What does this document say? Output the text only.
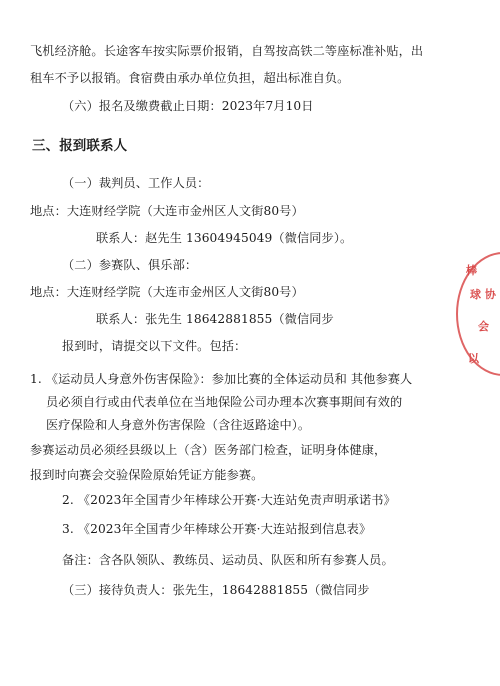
飞机经济舱。长途客车按实际票价报销，自驾按高铁二等座标准补贴，出
租车不予以报销。食宿费由承办单位负担，超出标准自负。
（六）报名及缴费截止日期：2023年7月10日
三、报到联系人
（一）裁判员、工作人员：
地点：大连财经学院（大连市金州区人文街80号）
联系人：赵先生 13604945049（微信同步）。
（二）参赛队、俱乐部：
地点：大连财经学院（大连市金州区人文街80号）
联系人：张先生 18642881855（微信同步
报到时，请提交以下文件。包括：
1. 《运动员人身意外伤害保险》：参加比赛的全体运动员和 其他参赛人
员必须自行或由代表单位在当地保险公司办理本次赛事期间有效的
医疗保险和人身意外伤害保险（含往返路途中）。
参赛运动员必须经县级以上（含）医务部门检查，证明身体健康，
报到时向赛会交验保险原始凭证方能参赛。
2. 《2023年全国青少年棒球公开赛·大连站免责声明承诺书》
3. 《2023年全国青少年棒球公开赛·大连站报到信息表》
备注：含各队领队、教练员、运动员、队医和所有参赛人员。
（三）接待负责人：张先生，18642881855（微信同步
棒
球 协
会
以
